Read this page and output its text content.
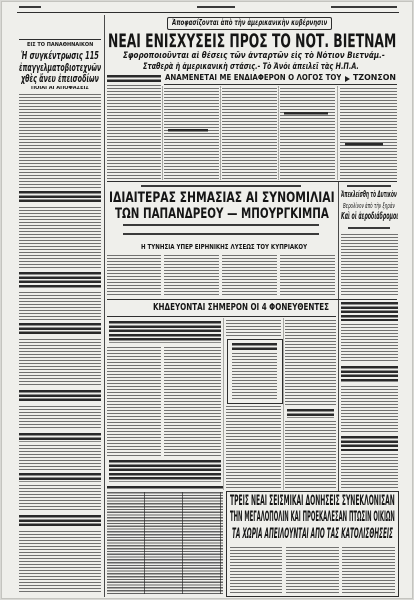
ΕΙΣ ΤΟ ΠΑΝΑΘΗΝΑΙΚΟΝ
Ἡ συγκέντρωσις 115
ἐπαγγελματοβιοτεχνῶν
χθὲς ἄνευ ἐπεισοδίων
ΠΟΙΑΙ ΑΙ ΑΠΟΦΑΣΕΙΣ
Ἀποφασίζονται ἀπὸ τὴν ἀμερικανικὴν κυβέρνησιν
ΝΕΑΙ ΕΝΙΣΧΥΣΕΙΣ ΠΡΟΣ ΤΟ ΝΟΤ. ΒΙΕΤΝΑΜ
Σφοροποιοῦνται αἱ θέσεις τῶν ἀνταρτῶν εἰς τὸ Νότιον Βιετνάμ.-
Σταθερὰ ἡ ἀμερικανικὴ στάσις.- Τὸ Ἀνόι ἀπειλεῖ τὰς Η.Π.Α.
ΑΝΑΜΕΝΕΤΑΙ ΜΕ ΕΝΔΙΑΦΕΡΟΝ Ο ΛΟΓΟΣ ΤΟΥ ΤΖΟΝΣΟΝ
ΙΔΙΑΙΤΕΡΑΣ ΣΗΜΑΣΙΑΣ ΑΙ ΣΥΝΟΜΙΛΙΑΙ
ΤΩΝ ΠΑΠΑΝΔΡΕΟΥ — ΜΠΟΥΡΓΚΙΜΠΑ
Η ΤΥΝΗΣΙΑ ΥΠΕΡ ΕΙΡΗΝΙΚΗΣ ΛΥΣΕΩΣ ΤΟΥ ΚΥΠΡΙΑΚΟΥ
Ἀπεκλείσθη τὸ Δυτικὸν
Βερολίνον ἀπὸ τὴν ξηρὰν
Καὶ οἱ ἀεροδιάδρομοι
ΚΗΔΕΥΟΝΤΑΙ ΣΗΜΕΡΟΝ ΟΙ 4 ΦΟΝΕΥΘΕΝΤΕΣ
ΤΡΕΙΣ ΝΕΑΙ ΣΕΙΣΜΙΚΑΙ ΔΟΝΗΣΕΙΣ ΣΥΝΕΚΛΟΝΙΣΑΝ
ΤΗΝ ΜΕΓΑΛΟΠΟΛΙΝ ΚΑΙ ΠΡΟΕΚΑΛΕΣΑΝ ΠΤΩΣΙΝ ΟΙΚΙΩΝ
ΤΑ ΧΩΡΙΑ ΑΠΕΙΛΟΥΝΤΑΙ ΑΠΟ ΤΑΣ ΚΑΤΟΛΙΣΘΗΣΕΙΣ
